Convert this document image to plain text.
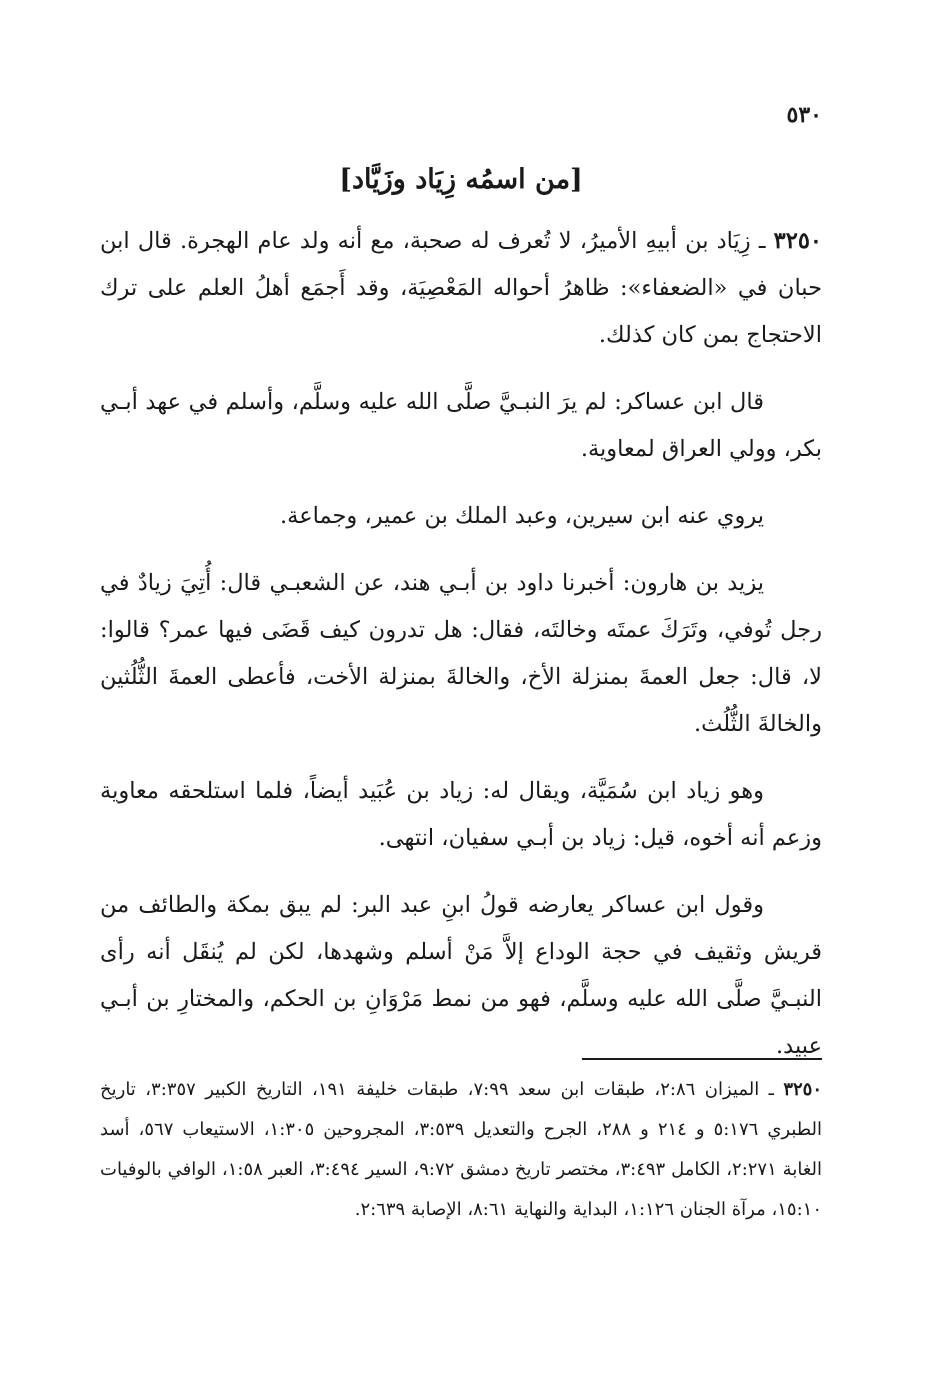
٥٣٠
[من اسمُه زِيَاد وزَيَّاد]

٣٢٥٠ ـ زِيَاد بن أبيهِ الأميرُ، لا تُعرف له صحبة، مع أنه ولد عام الهجرة. قال ابن حبان في «الضعفاء»: ظاهرُ أحواله المَعْصِيَة، وقد أَجمَع أهلُ العلم على ترك الاحتجاج بمن كان كذلك.

قال ابن عساكر: لم يرَ النبـيَّ صلَّى الله عليه وسلَّم، وأسلم في عهد أبـي بكر، وولي العراق لمعاوية.

يروي عنه ابن سيرين، وعبد الملك بن عمير، وجماعة.

يزيد بن هارون: أخبرنا داود بن أبـي هند، عن الشعبـي قال: أُتِيَ زيادٌ في رجل تُوفي، وتَرَكَ عمتَه وخالتَه، فقال: هل تدرون كيف قَضَى فيها عمر؟ قالوا: لا، قال: جعل العمةَ بمنزلة الأخ، والخالةَ بمنزلة الأخت، فأعطى العمةَ الثُّلُثين والخالةَ الثُّلُث.

وهو زياد ابن سُمَيَّة، ويقال له: زياد بن عُبَيد أيضاً، فلما استلحقه معاوية وزعم أنه أخوه، قيل: زياد بن أبـي سفيان، انتهى.

وقول ابن عساكر يعارضه قولُ ابنِ عبد البر: لم يبق بمكة والطائف من قريش وثقيف في حجة الوداع إلاَّ مَنْ أسلم وشهدها، لكن لم يُنقَل أنه رأى النبـيَّ صلَّى الله عليه وسلَّم، فهو من نمط مَرْوَانِ بن الحكم، والمختارِ بن أبـي عبيد.

٣٢٥٠ ـ الميزان ٢:٨٦، طبقات ابن سعد ٧:٩٩، طبقات خليفة ١٩١، التاريخ الكبير ٣:٣٥٧، تاريخ الطبري ٥:١٧٦ و ٢١٤ و ٢٨٨، الجرح والتعديل ٣:٥٣٩، المجروحين ١:٣٠٥، الاستيعاب ٥٦٧، أسد الغابة ٢:٢٧١، الكامل ٣:٤٩٣، مختصر تاريخ دمشق ٩:٧٢، السير ٣:٤٩٤، العبر ١:٥٨، الوافي بالوفيات ١٥:١٠، مرآة الجنان ١:١٢٦، البداية والنهاية ٨:٦١، الإصابة ٢:٦٣٩.
